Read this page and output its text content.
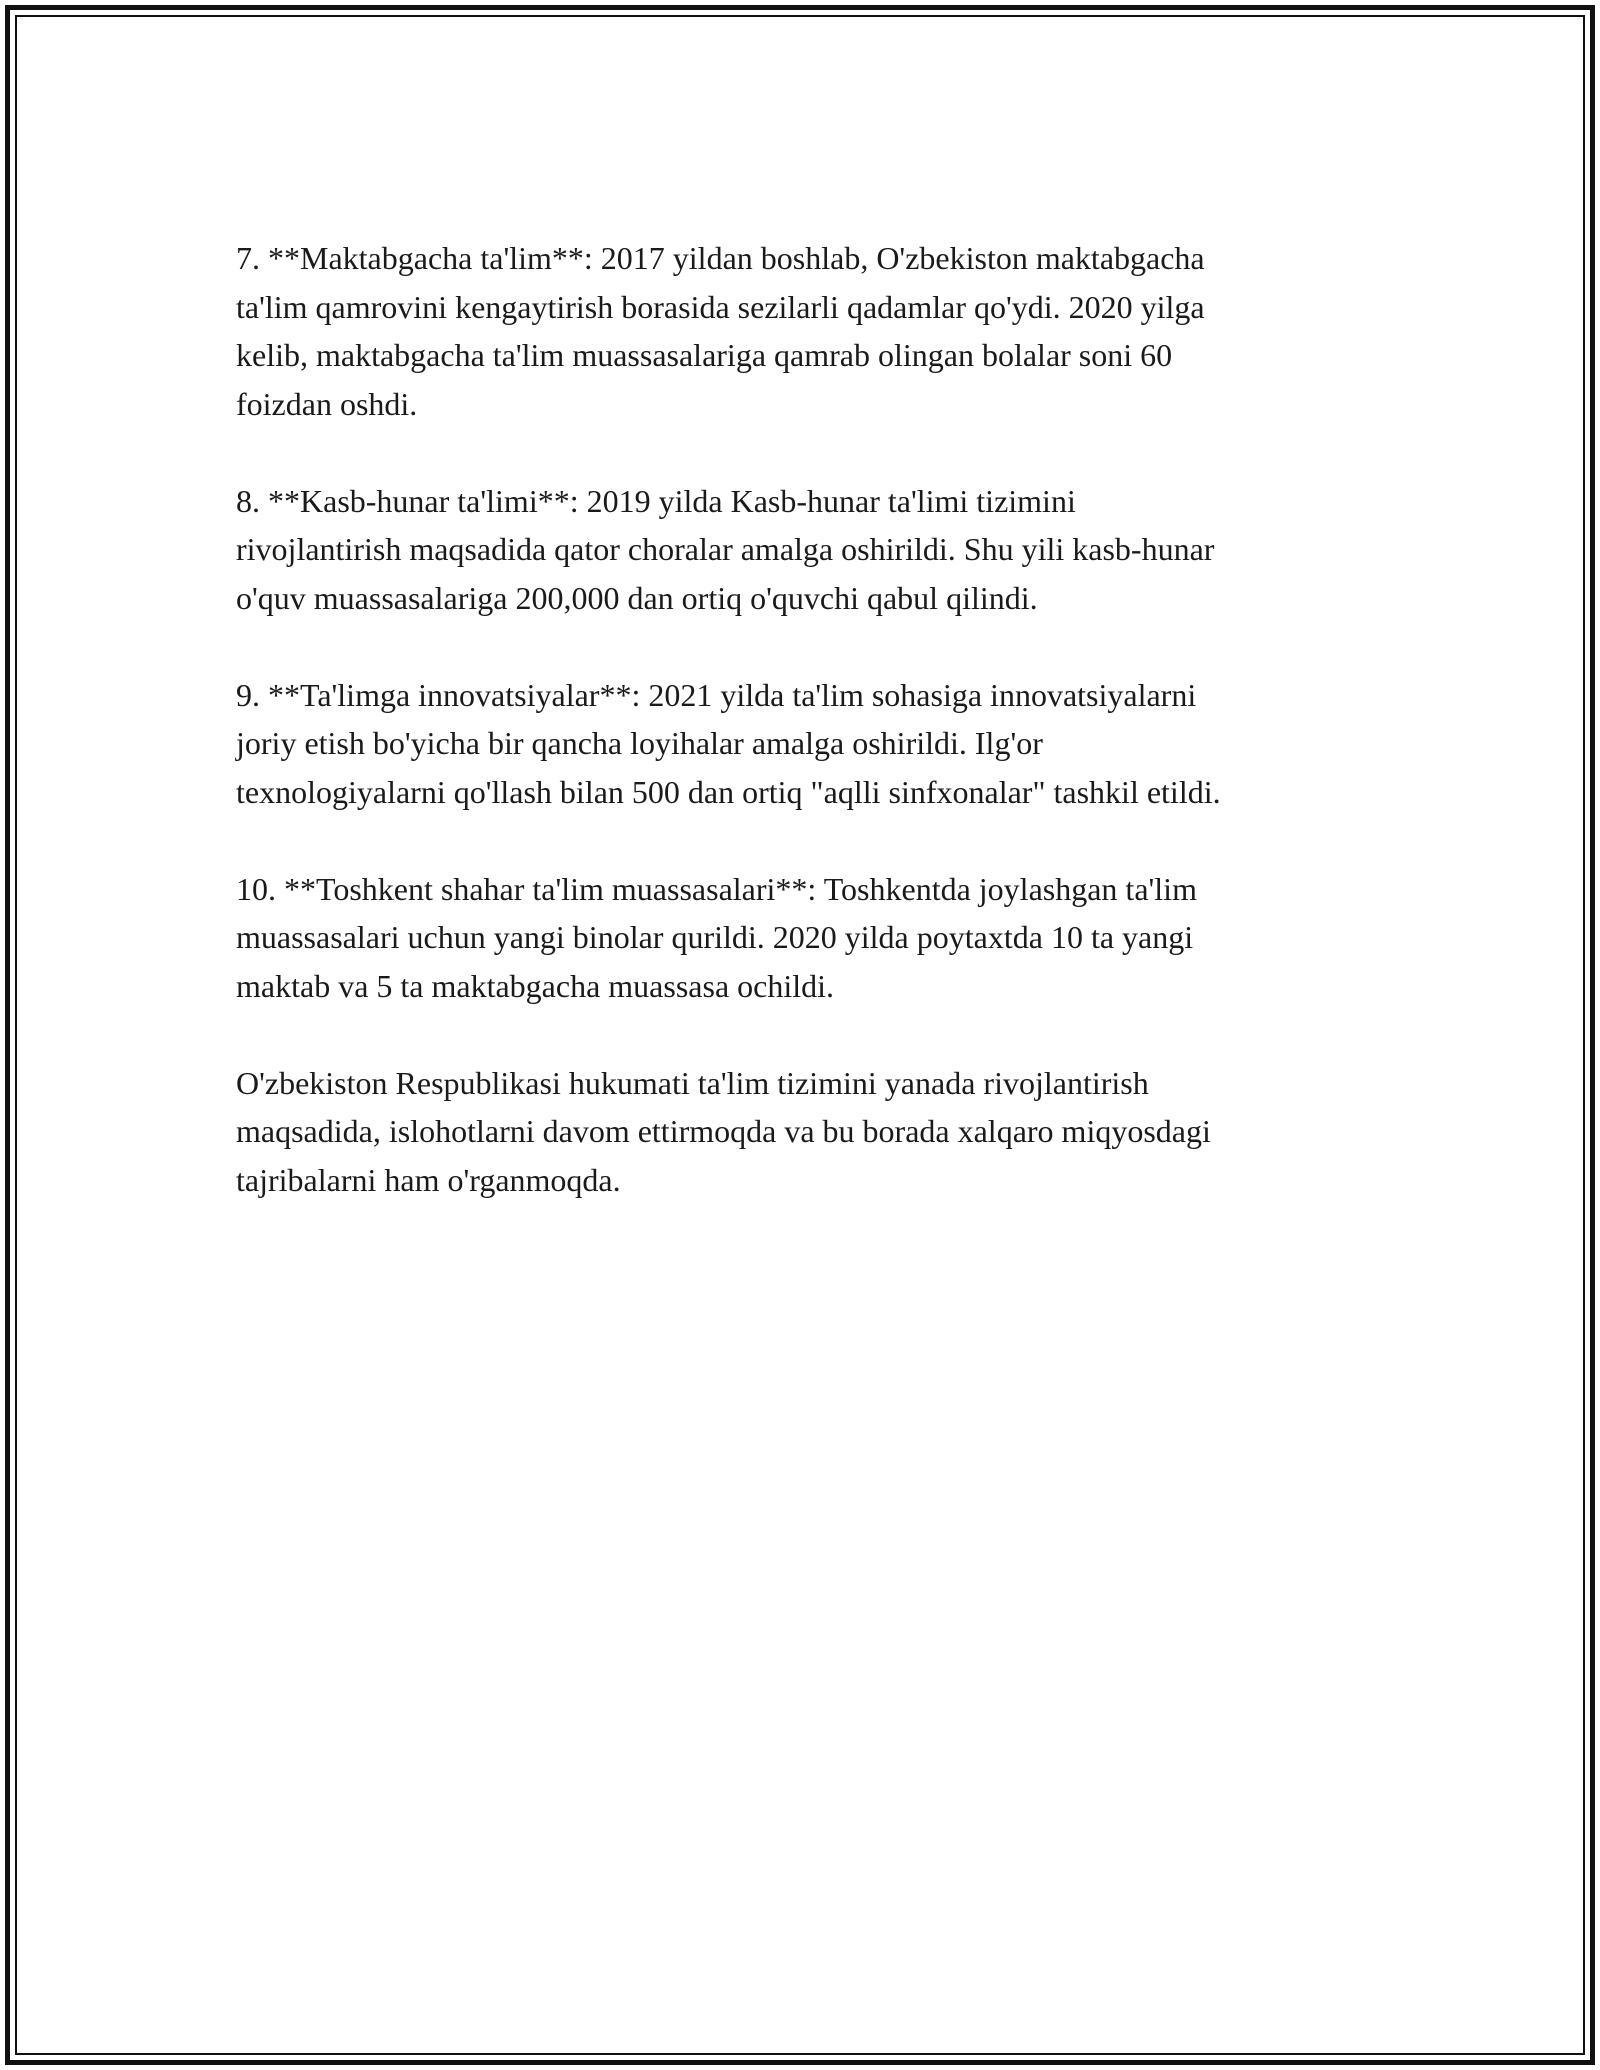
7. **Maktabgacha ta'lim**: 2017 yildan boshlab, O'zbekiston maktabgacha
ta'lim qamrovini kengaytirish borasida sezilarli qadamlar qo'ydi. 2020 yilga
kelib, maktabgacha ta'lim muassasalariga qamrab olingan bolalar soni 60
foizdan oshdi.

8. **Kasb-hunar ta'limi**: 2019 yilda Kasb-hunar ta'limi tizimini
rivojlantirish maqsadida qator choralar amalga oshirildi. Shu yili kasb-hunar
o'quv muassasalariga 200,000 dan ortiq o'quvchi qabul qilindi.

9. **Ta'limga innovatsiyalar**: 2021 yilda ta'lim sohasiga innovatsiyalarni
joriy etish bo'yicha bir qancha loyihalar amalga oshirildi. Ilg'or
texnologiyalarni qo'llash bilan 500 dan ortiq "aqlli sinfxonalar" tashkil etildi.

10. **Toshkent shahar ta'lim muassasalari**: Toshkentda joylashgan ta'lim
muassasalari uchun yangi binolar qurildi. 2020 yilda poytaxtda 10 ta yangi
maktab va 5 ta maktabgacha muassasa ochildi.

O'zbekiston Respublikasi hukumati ta'lim tizimini yanada rivojlantirish
maqsadida, islohotlarni davom ettirmoqda va bu borada xalqaro miqyosdagi
tajribalarni ham o'rganmoqda.
